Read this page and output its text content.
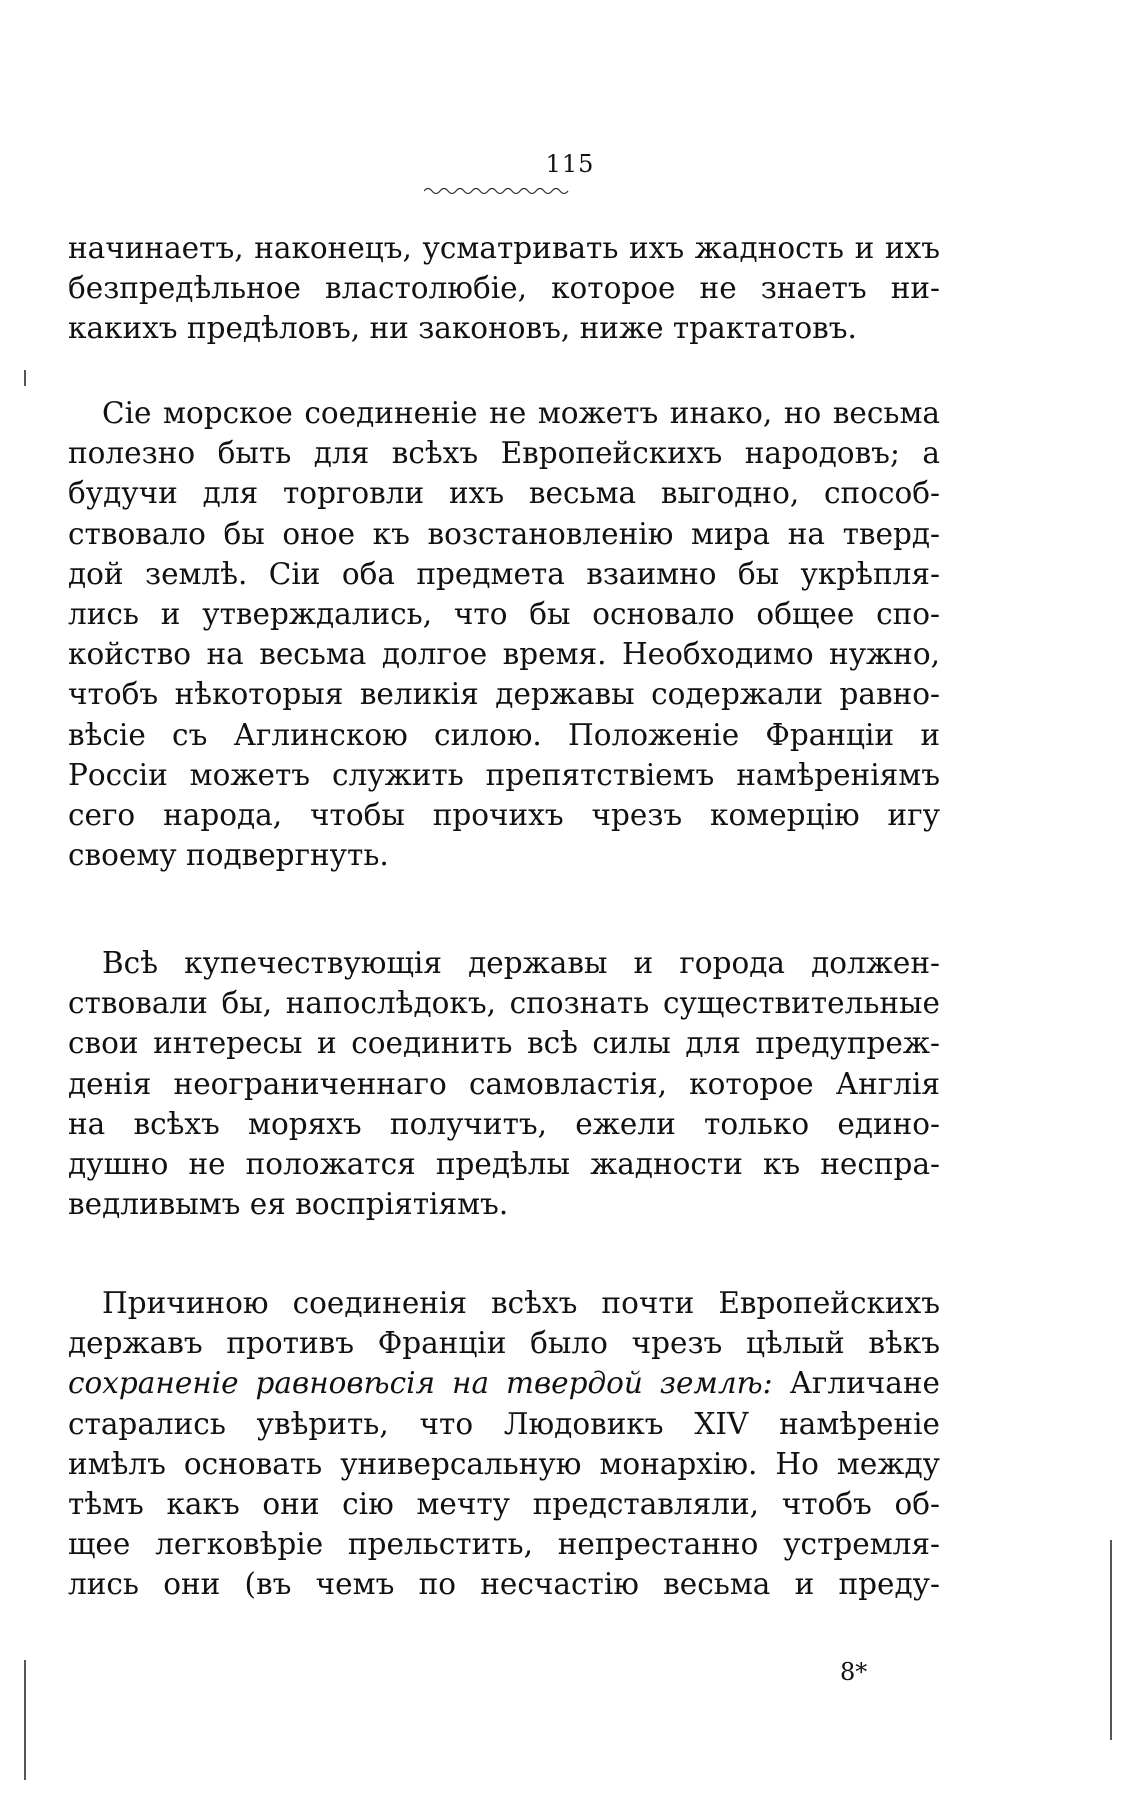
115
начинаетъ, наконецъ, усматривать ихъ жадность и ихъ
безпредѣльное властолюбіе, которое не знаетъ ни-
какихъ предѣловъ, ни законовъ, ниже трактатовъ.
Сіе морское соединеніе не можетъ инако, но весьма
полезно быть для всѣхъ Европейскихъ народовъ; а
будучи для торговли ихъ весьма выгодно, способ-
ствовало бы оное къ возстановленію мира на тверд-
дой землѣ. Сіи оба предмета взаимно бы укрѣпля-
лись и утверждались, что бы основало общее спо-
койство на весьма долгое время. Необходимо нужно,
чтобъ нѣкоторыя великія державы содержали равно-
вѣсіе съ Аглинскою силою. Положеніе Франціи и
Россіи можетъ служить препятствіемъ намѣреніямъ
сего народа, чтобы прочихъ чрезъ комерцію игу
своему подвергнуть.
Всѣ купечествующія державы и города должен-
ствовали бы, напослѣдокъ, спознать существительные
свои интересы и соединить всѣ силы для предупреж-
денія неограниченнаго самовластія, которое Англія
на всѣхъ моряхъ получитъ, ежели только едино-
душно не положатся предѣлы жадности къ неспра-
ведливымъ ея воспріятіямъ.
Причиною соединенія всѣхъ почти Европейскихъ
державъ противъ Франціи было чрезъ цѣлый вѣкъ
сохраненіе равновѣсія на твердой землѣ: Агличане
старались увѣрить, что Людовикъ XIV намѣреніе
имѣлъ основать универсальную монархію. Но между
тѣмъ какъ они сію мечту представляли, чтобъ об-
щее легковѣріе прельстить, непрестанно устремля-
лись они (въ чемъ по несчастію весьма и преду-
8*
